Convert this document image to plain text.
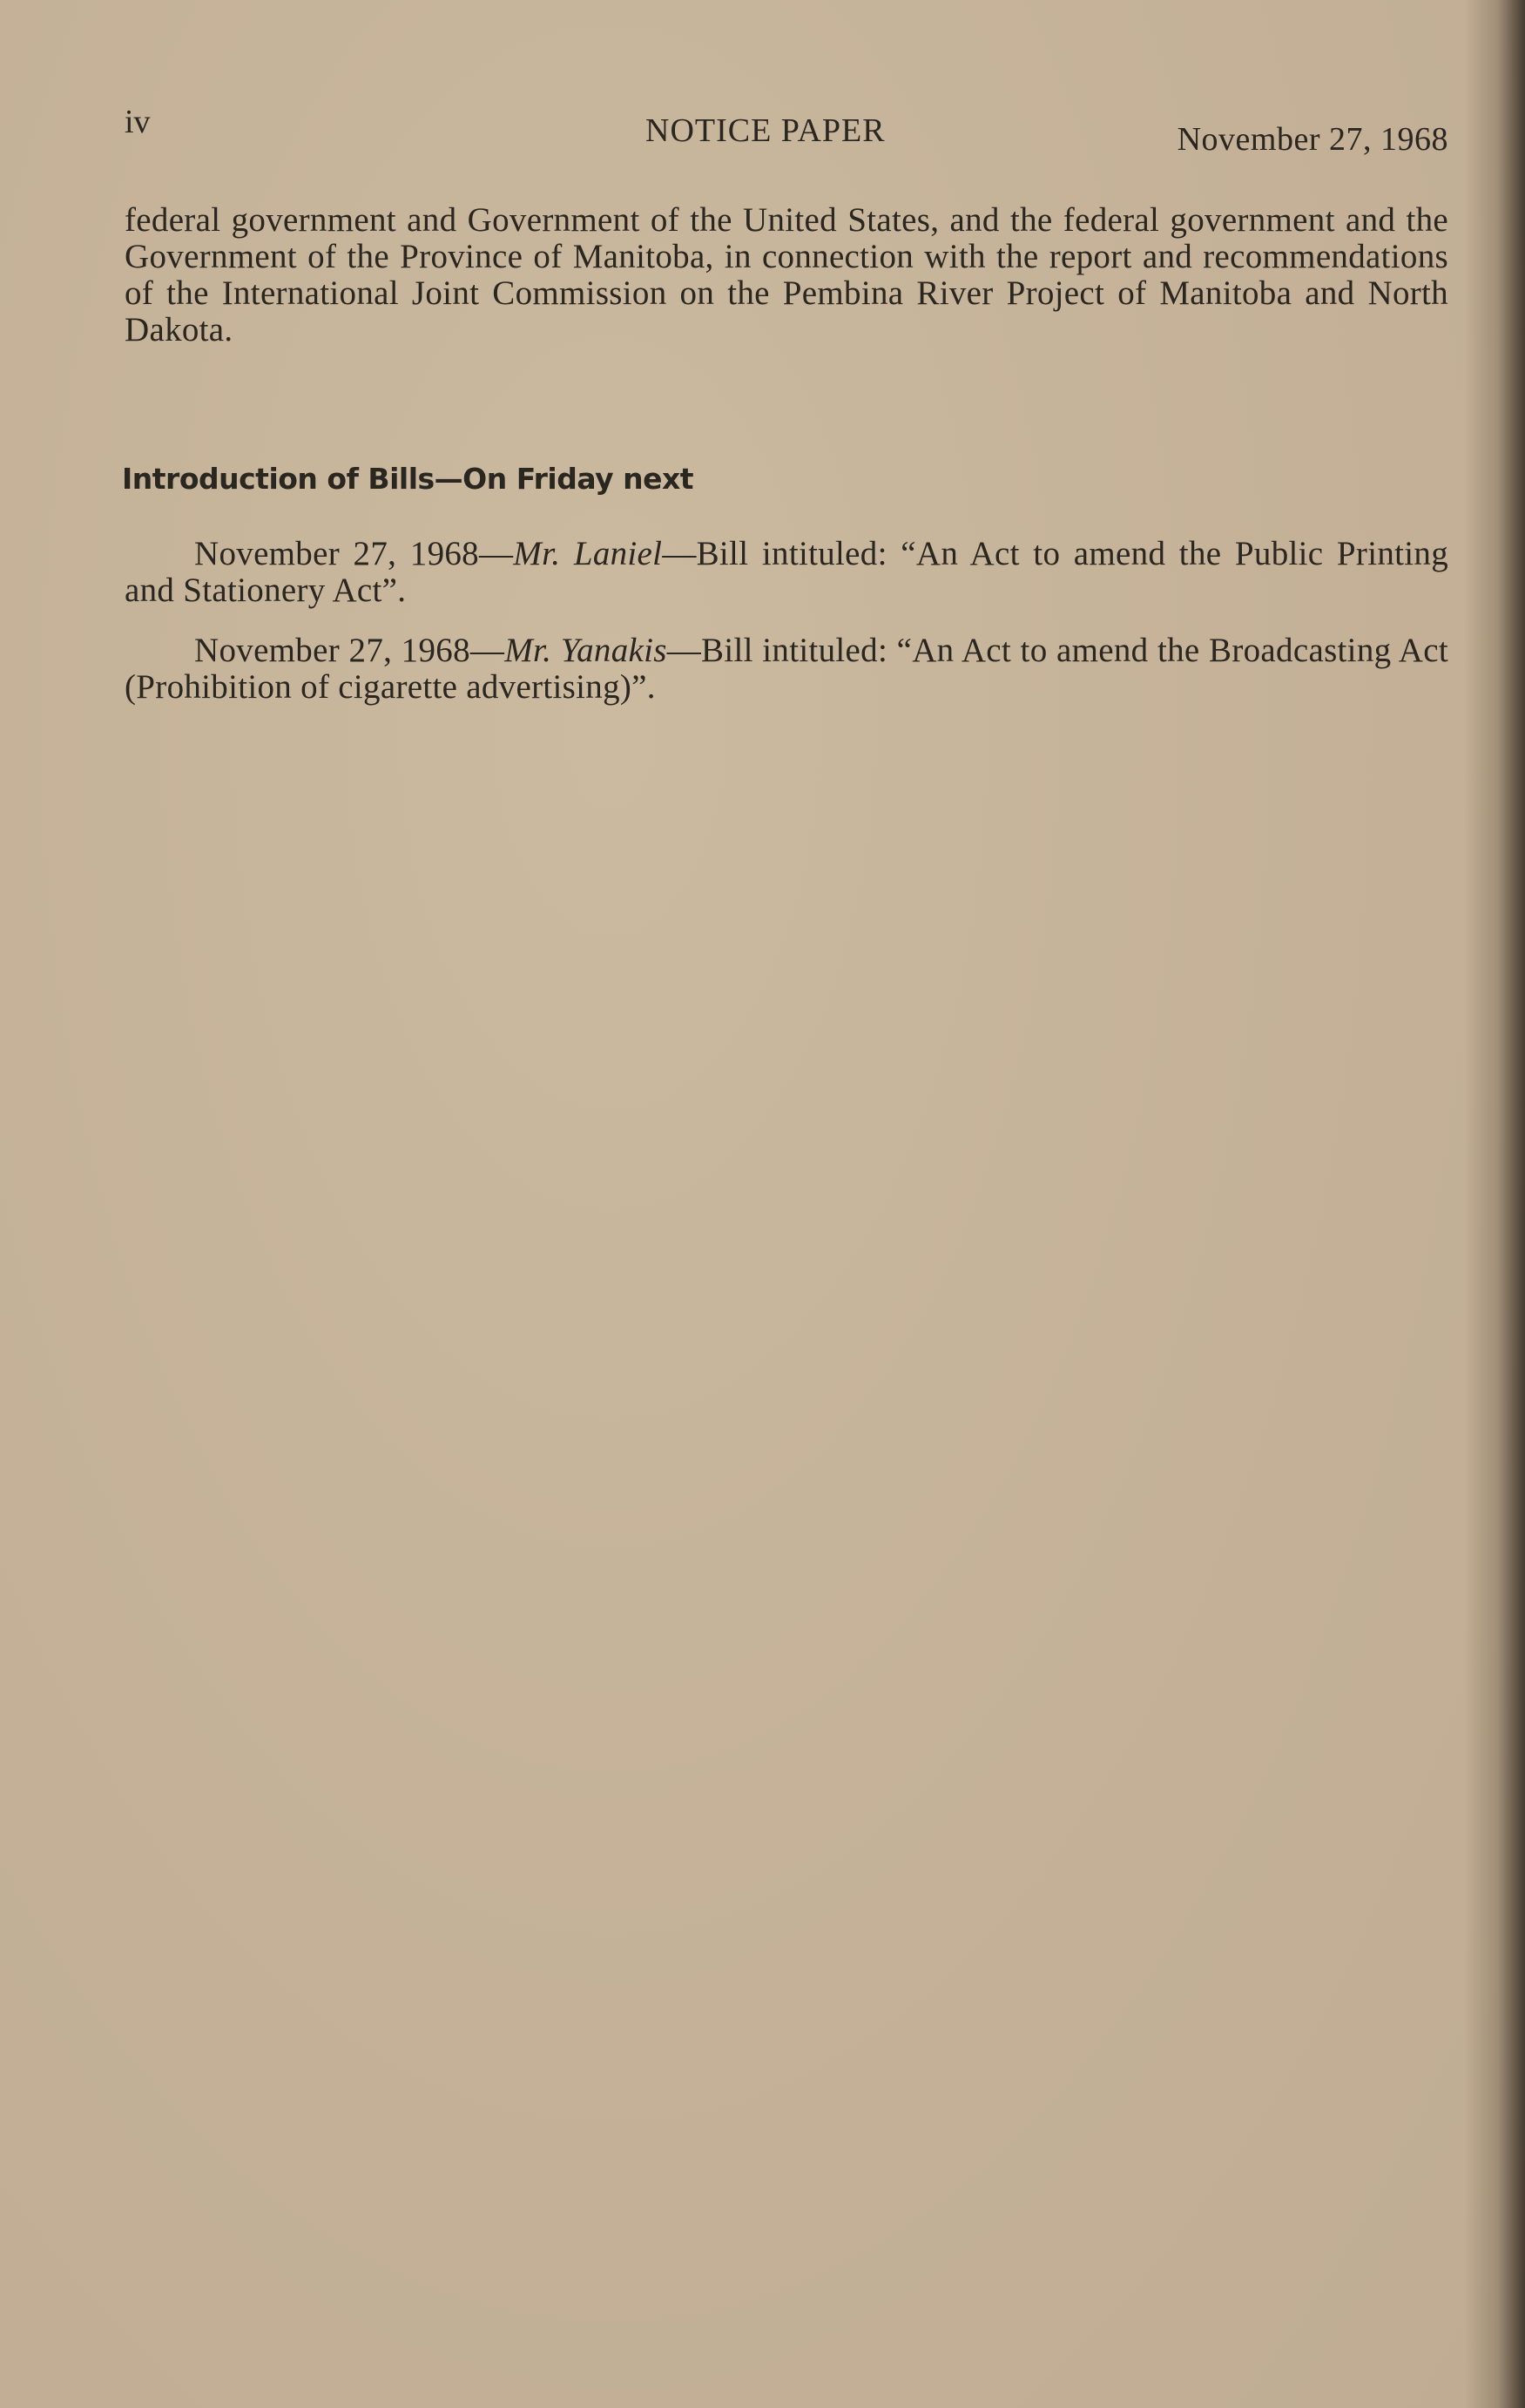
iv	NOTICE PAPER	November 27, 1968
federal government and Government of the United States, and the federal government and the Government of the Province of Manitoba, in connection with the report and recommendations of the International Joint Commission on the Pembina River Project of Manitoba and North Dakota.
Introduction of Bills—On Friday next
November 27, 1968—Mr. Laniel—Bill intituled: “An Act to amend the Public Printing and Stationery Act”.
November 27, 1968—Mr. Yanakis—Bill intituled: “An Act to amend the Broadcasting Act (Prohibition of cigarette advertising)”.
